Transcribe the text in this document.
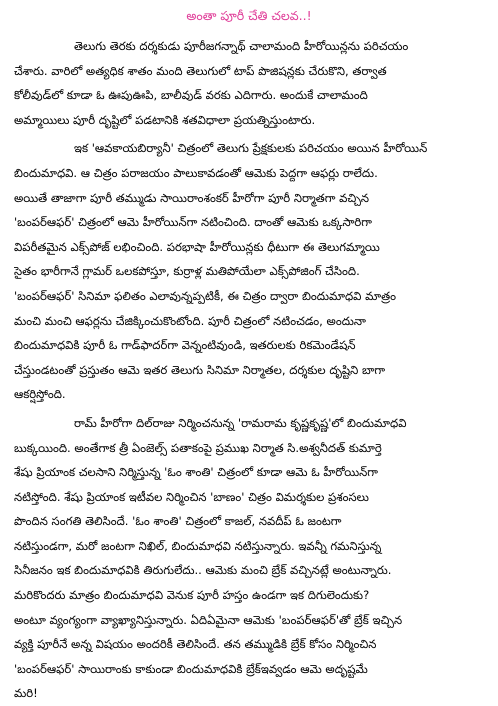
అంతా పూరీ చేతి చలవ..!
తెలుగు తెరకు దర్శకుడు పూరీజగన్నాథ్ చాలామంది హీరోయిన్లను పరిచయం
చేశారు. వారిలో అత్యధిక శాతం మంది తెలుగులో టాప్ పొజిషన్లకు చేరుకొని, తర్వాత
కోలీవుడ్‌లో కూడా ఓ ఊపుఊపి, బాలీవుడ్ వరకు ఎదిగారు. అందుకే చాలామంది
అమ్మాయిలు పూరీ దృష్టిలో పడటానికి శతవిధాలా ప్రయత్నిస్తుంటారు.
ఇక 'ఆవకాయబిర్యానీ' చిత్రంలో తెలుగు ప్రేక్షకులకు పరిచయం అయిన హీరోయిన్
బిందుమాధవి. ఆ చిత్రం పరాజయం పాలుకావడంతో ఆమెకు పెద్దగా ఆఫర్లు రాలేదు.
అయితే తాజాగా పూరీ తమ్ముడు సాయిరాంశంకర్ హీరోగా పూరీ నిర్మాతగా వచ్చిన
'బంపర్ఆఫర్' చిత్రంలో ఆమె హీరోయిన్‌గా నటించింది. దాంతో ఆమెకు ఒక్కసారిగా
విపరీతమైన ఎక్స్‌పోజ్ లభించింది. పరభాషా హీరోయిన్లకు ధీటుగా ఈ తెలుగమ్మాయి
సైతం భారీగానే గ్లామర్ ఒలకపోస్తూ, కుర్రాళ్ల మతిపోయేలా ఎక్స్‌పోజింగ్ చేసింది.
'బంపర్ఆఫర్' సినిమా ఫలితం ఎలావున్నప్పటికీ, ఈ చిత్రం ద్వారా బిందుమాధవి మాత్రం
మంచి మంచి ఆఫర్లను చేజిక్కించుకొంటోంది. పూరీ చిత్రంలో నటించడం, అందునా
బిందుమాధవికి పూరీ ఓ గాడ్‌ఫాదర్‌గా వెన్నంటివుండి, ఇతరులకు రికమెండేషన్
చేస్తుండటంతో ప్రస్తుతం ఆమె ఇతర తెలుగు సినిమా నిర్మాతల, దర్శకుల దృష్టిని బాగా
ఆకర్షిస్తోంది.
రామ్ హీరోగా దిల్‌రాజు నిర్మించనున్న 'రామరామ కృష్ణకృష్ణ'లో బిందుమాధవి
బుక్కయింది. అంతేగాక త్రీ ఏంజెల్స్ పతాకంపై ప్రముఖ నిర్మాత సి.అశ్వనీదత్ కుమార్తె
శేషు ప్రియాంక చలసాని నిర్మిస్తున్న 'ఓం శాంతి' చిత్రంలో కూడా ఆమె ఓ హీరోయిన్‌గా
నటిస్తోంది. శేషు ప్రియాంక ఇటీవల నిర్మించిన 'బాణం' చిత్రం విమర్శకుల ప్రశంసలు
పొందిన సంగతి తెలిసిందే. 'ఓం శాంతి' చిత్రంలో కాజల్, నవదీప్ ఓ జంటగా
నటిస్తుండగా, మరో జంటగా నిఖిల్, బిందుమాధవి నటిస్తున్నారు. ఇవన్నీ గమనిస్తున్న
సినీజనం ఇక బిందుమాధవికి తిరుగులేదు.. ఆమెకు మంచి బ్రేక్ వచ్చినట్లే అంటున్నారు.
మరికొందరు మాత్రం బిందుమాధవి వెనుక పూరీ హస్తం ఉండగా ఇక దిగులెందుకు?
అంటూ వ్యంగ్యంగా వ్యాఖ్యానిస్తున్నారు. ఏదిఏమైనా ఆమెకు 'బంపర్ఆఫర్'తో బ్రేక్ ఇచ్చిన
వ్యక్తి పూరీనే అన్న విషయం అందరికీ తెలిసిందే. తన తమ్ముడికి బ్రేక్ కోసం నిర్మించిన
'బంపర్ఆఫర్' సాయిరాంకు కాకుండా బిందుమాధవికి బ్రేక్ఇవ్వడం ఆమె అదృష్టమే
మరి!
